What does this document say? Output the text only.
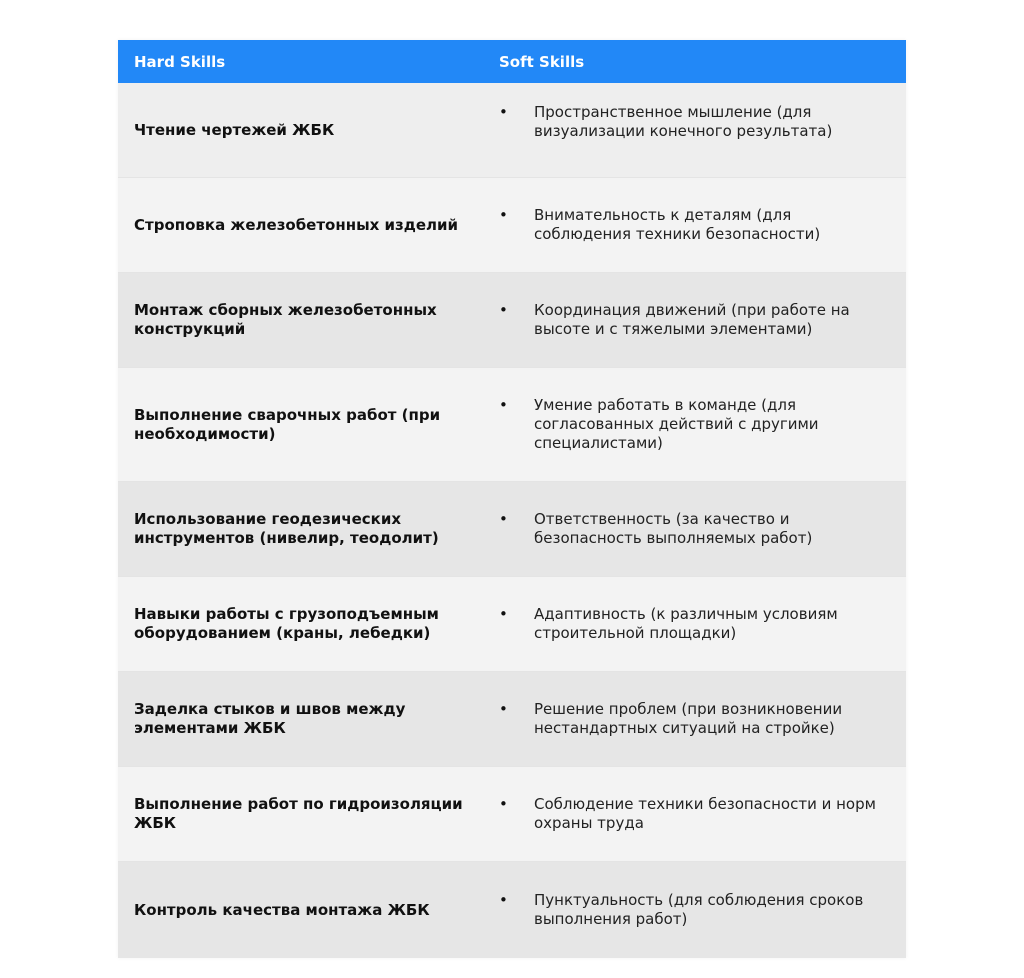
Hard Skills	Soft Skills
Чтение чертежей ЖБК
•	Пространственное мышление (для визуализации конечного результата)
Строповка железобетонных изделий
•	Внимательность к деталям (для соблюдения техники безопасности)
Монтаж сборных железобетонных конструкций
•	Координация движений (при работе на высоте и с тяжелыми элементами)
Выполнение сварочных работ (при необходимости)
•	Умение работать в команде (для согласованных действий с другими специалистами)
Использование геодезических инструментов (нивелир, теодолит)
•	Ответственность (за качество и безопасность выполняемых работ)
Навыки работы с грузоподъемным оборудованием (краны, лебедки)
•	Адаптивность (к различным условиям строительной площадки)
Заделка стыков и швов между элементами ЖБК
•	Решение проблем (при возникновении нестандартных ситуаций на стройке)
Выполнение работ по гидроизоляции ЖБК
•	Соблюдение техники безопасности и норм охраны труда
Контроль качества монтажа ЖБК
•	Пунктуальность (для соблюдения сроков выполнения работ)
